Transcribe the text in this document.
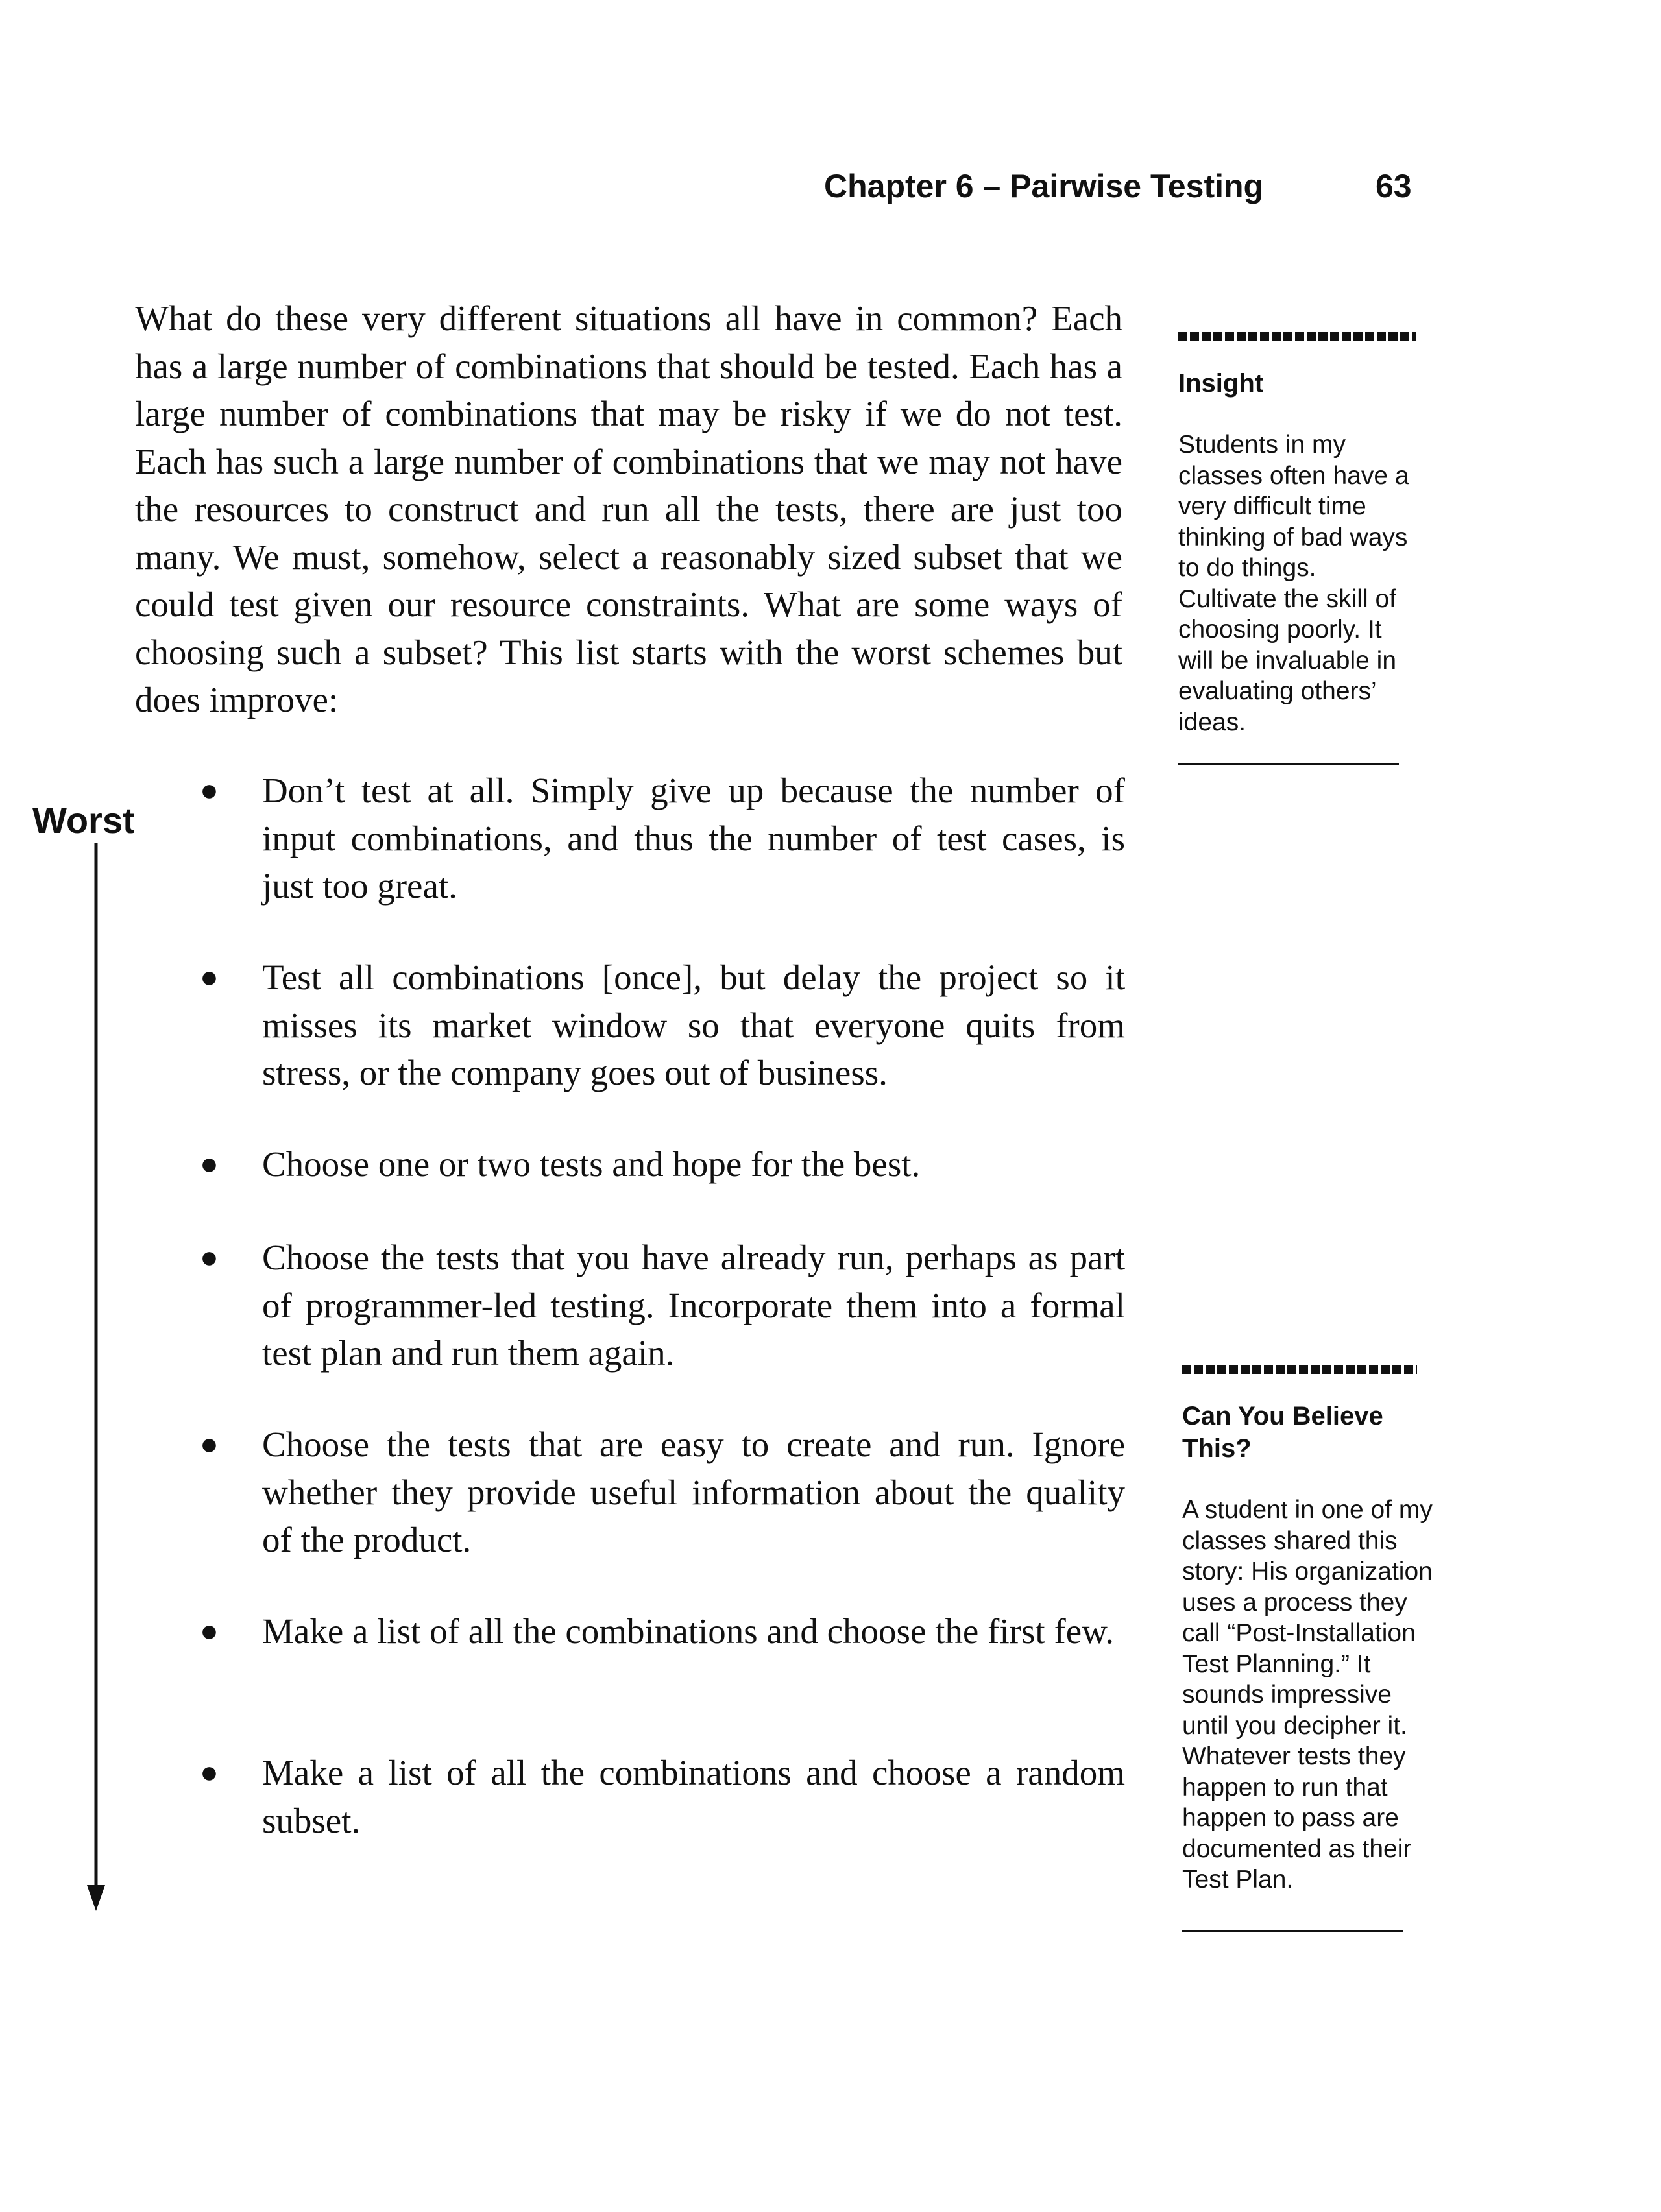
Chapter 6 – Pairwise Testing	63
What do these very different situations all have in common? Each has a large number of combinations that should be tested. Each has a large number of combinations that may be risky if we do not test. Each has such a large number of combinations that we may not have the resources to construct and run all the tests, there are just too many. We must, somehow, select a reasonably sized subset that we could test given our resource constraints. What are some ways of choosing such a subset? This list starts with the worst schemes but does improve:
Worst
● Don’t test at all. Simply give up because the number of input combinations, and thus the number of test cases, is just too great.
● Test all combinations [once], but delay the project so it misses its market window so that everyone quits from stress, or the company goes out of business.
● Choose one or two tests and hope for the best.
● Choose the tests that you have already run, perhaps as part of programmer-led testing. Incorporate them into a formal test plan and run them again.
● Choose the tests that are easy to create and run. Ignore whether they provide useful information about the quality of the product.
● Make a list of all the combinations and choose the first few.
● Make a list of all the combinations and choose a random subset.
Insight
Students in my classes often have a very difficult time thinking of bad ways to do things. Cultivate the skill of choosing poorly. It will be invaluable in evaluating others’ ideas.
Can You Believe This?
A student in one of my classes shared this story: His organization uses a process they call “Post-Installation Test Planning.” It sounds impressive until you decipher it. Whatever tests they happen to run that happen to pass are documented as their Test Plan.
